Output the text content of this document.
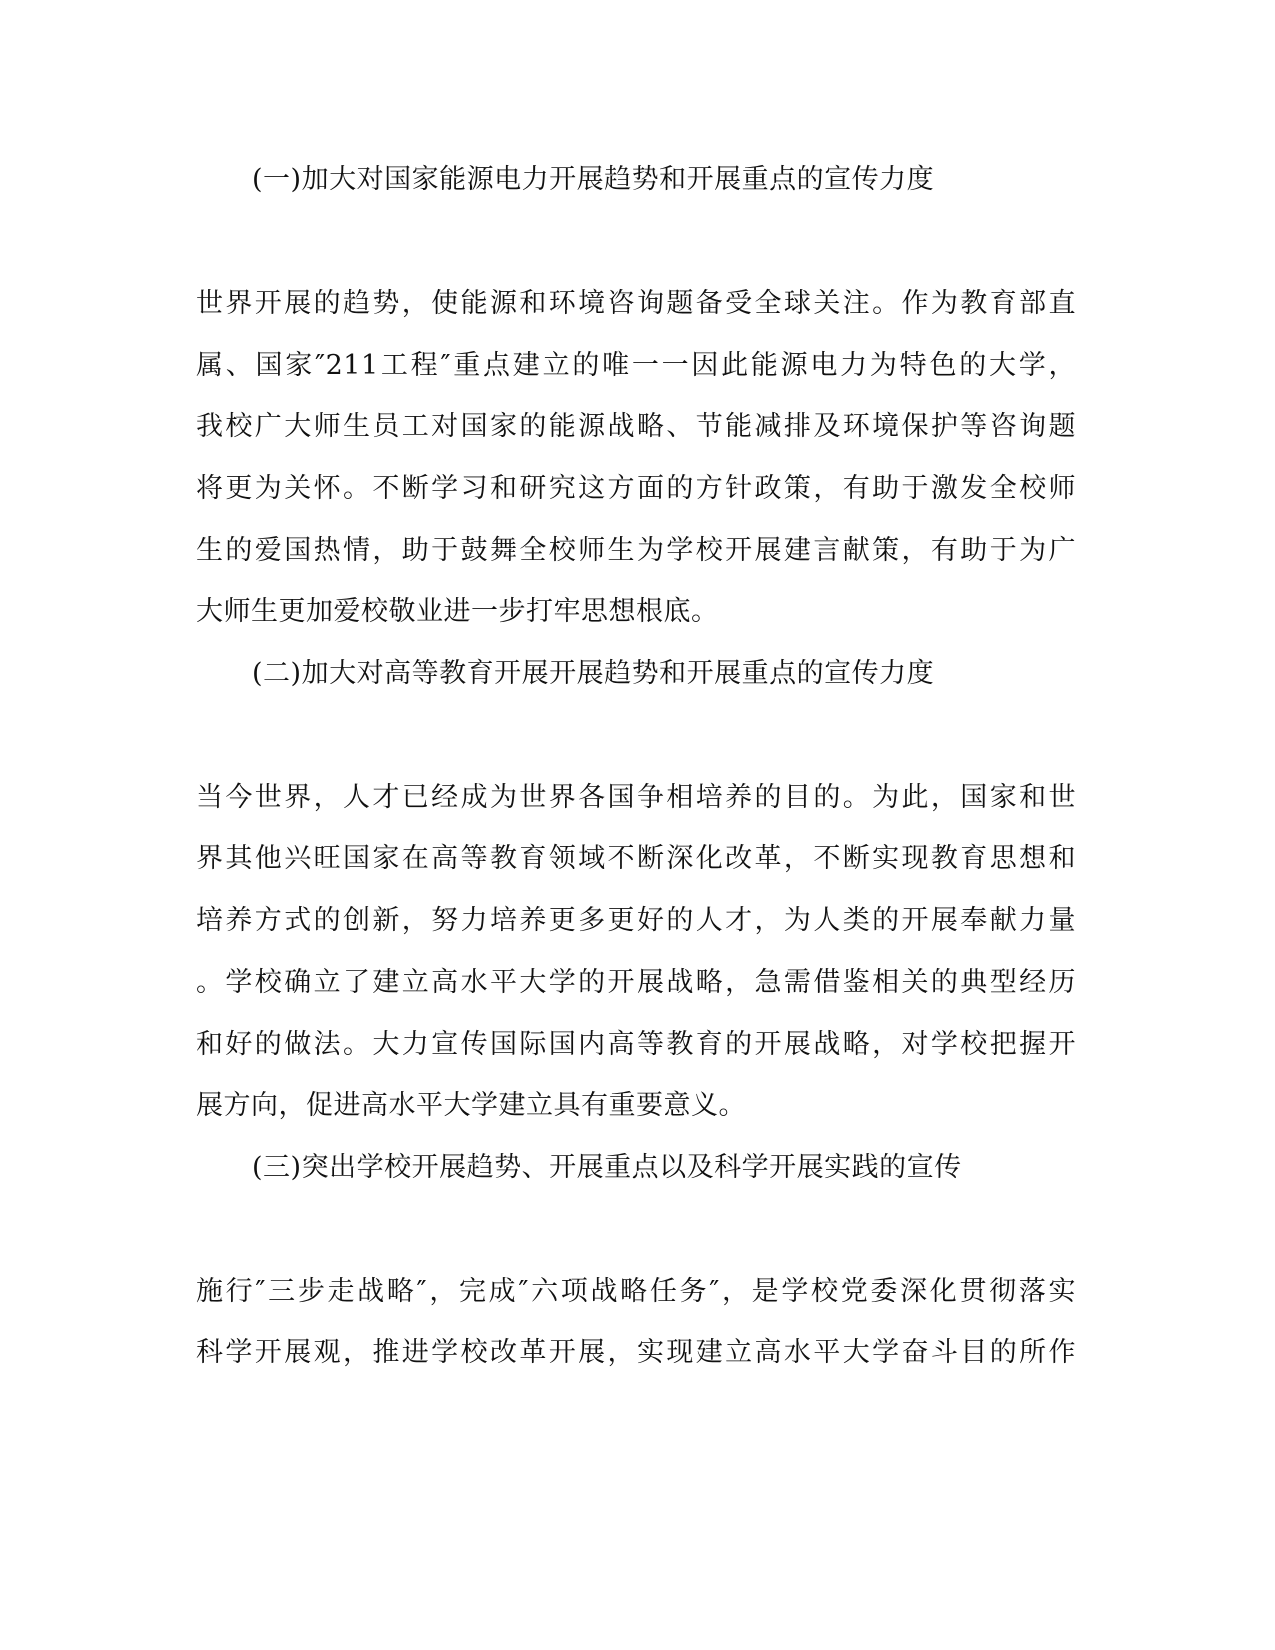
(一)加大对国家能源电力开展趋势和开展重点的宣传力度
世界开展的趋势，使能源和环境咨询题备受全球关注。作为教育部直
属、国家″211工程″重点建立的唯一一因此能源电力为特色的大学，
我校广大师生员工对国家的能源战略、节能减排及环境保护等咨询题
将更为关怀。不断学习和研究这方面的方针政策，有助于激发全校师
生的爱国热情，助于鼓舞全校师生为学校开展建言献策，有助于为广
大师生更加爱校敬业进一步打牢思想根底。
(二)加大对高等教育开展开展趋势和开展重点的宣传力度
当今世界，人才已经成为世界各国争相培养的目的。为此，国家和世
界其他兴旺国家在高等教育领域不断深化改革，不断实现教育思想和
培养方式的创新，努力培养更多更好的人才，为人类的开展奉献力量
。学校确立了建立高水平大学的开展战略，急需借鉴相关的典型经历
和好的做法。大力宣传国际国内高等教育的开展战略，对学校把握开
展方向，促进高水平大学建立具有重要意义。
(三)突出学校开展趋势、开展重点以及科学开展实践的宣传
施行″三步走战略″，完成″六项战略任务″，是学校党委深化贯彻落实
科学开展观，推进学校改革开展，实现建立高水平大学奋斗目的所作
